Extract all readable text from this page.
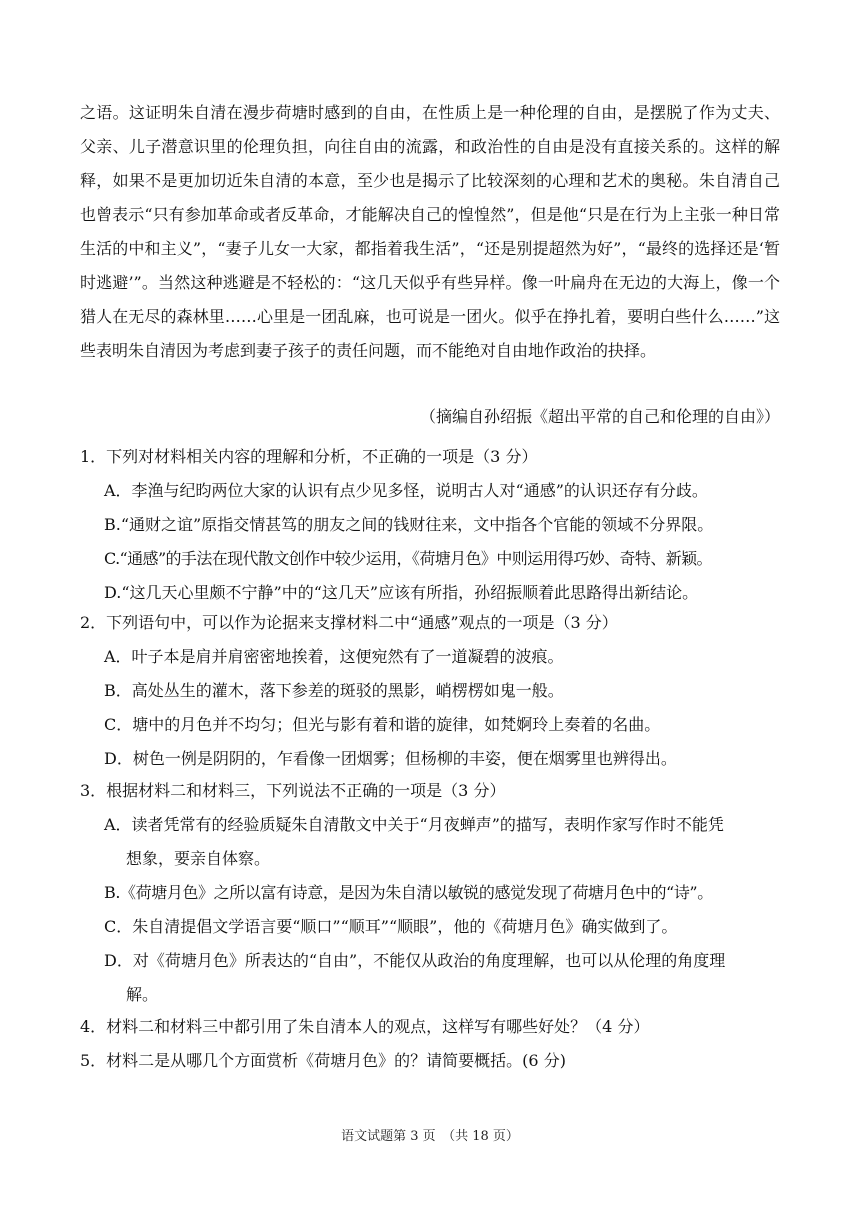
之语。这证明朱自清在漫步荷塘时感到的自由，在性质上是一种伦理的自由，是摆脱了作为丈夫、父亲、儿子潜意识里的伦理负担，向往自由的流露，和政治性的自由是没有直接关系的。这样的解释，如果不是更加切近朱自清的本意，至少也是揭示了比较深刻的心理和艺术的奥秘。朱自清自己也曾表示“只有参加革命或者反革命，才能解决自己的惶惶然”，但是他“只是在行为上主张一种日常生活的中和主义”，“妻子儿女一大家，都指着我生活”，“还是别提超然为好”，“最终的选择还是‘暂时逃避’”。当然这种逃避是不轻松的：“这几天似乎有些异样。像一叶扁舟在无边的大海上，像一个猎人在无尽的森林里……心里是一团乱麻，也可说是一团火。似乎在挣扎着，要明白些什么……”这些表明朱自清因为考虑到妻子孩子的责任问题，而不能绝对自由地作政治的抉择。

（摘编自孙绍振《超出平常的自己和伦理的自由》）
1．下列对材料相关内容的理解和分析，不正确的一项是（3 分）
A．李渔与纪昀两位大家的认识有点少见多怪，说明古人对“通感”的认识还存有分歧。
B.“通财之谊”原指交情甚笃的朋友之间的钱财往来，文中指各个官能的领域不分界限。
C.“通感”的手法在现代散文创作中较少运用，《荷塘月色》中则运用得巧妙、奇特、新颖。
D.“这几天心里颇不宁静”中的“这几天”应该有所指，孙绍振顺着此思路得出新结论。
2．下列语句中，可以作为论据来支撑材料二中“通感”观点的一项是（3 分）
A．叶子本是肩并肩密密地挨着，这便宛然有了一道凝碧的波痕。
B．高处丛生的灌木，落下参差的斑驳的黑影，峭楞楞如鬼一般。
C．塘中的月色并不均匀；但光与影有着和谐的旋律，如梵婀玲上奏着的名曲。
D．树色一例是阴阴的，乍看像一团烟雾；但杨柳的丰姿，便在烟雾里也辨得出。
3．根据材料二和材料三，下列说法不正确的一项是（3 分）
A．读者凭常有的经验质疑朱自清散文中关于“月夜蝉声”的描写，表明作家写作时不能凭
想象，要亲自体察。
B.《荷塘月色》之所以富有诗意，是因为朱自清以敏锐的感觉发现了荷塘月色中的“诗”。
C．朱自清提倡文学语言要“顺口”“顺耳”“顺眼”，他的《荷塘月色》确实做到了。
D．对《荷塘月色》所表达的“自由”，不能仅从政治的角度理解，也可以从伦理的角度理
解。
4．材料二和材料三中都引用了朱自清本人的观点，这样写有哪些好处？（4 分）
5．材料二是从哪几个方面赏析《荷塘月色》的？请简要概括。(6 分)
语文试题第 3 页　（共 18 页）
